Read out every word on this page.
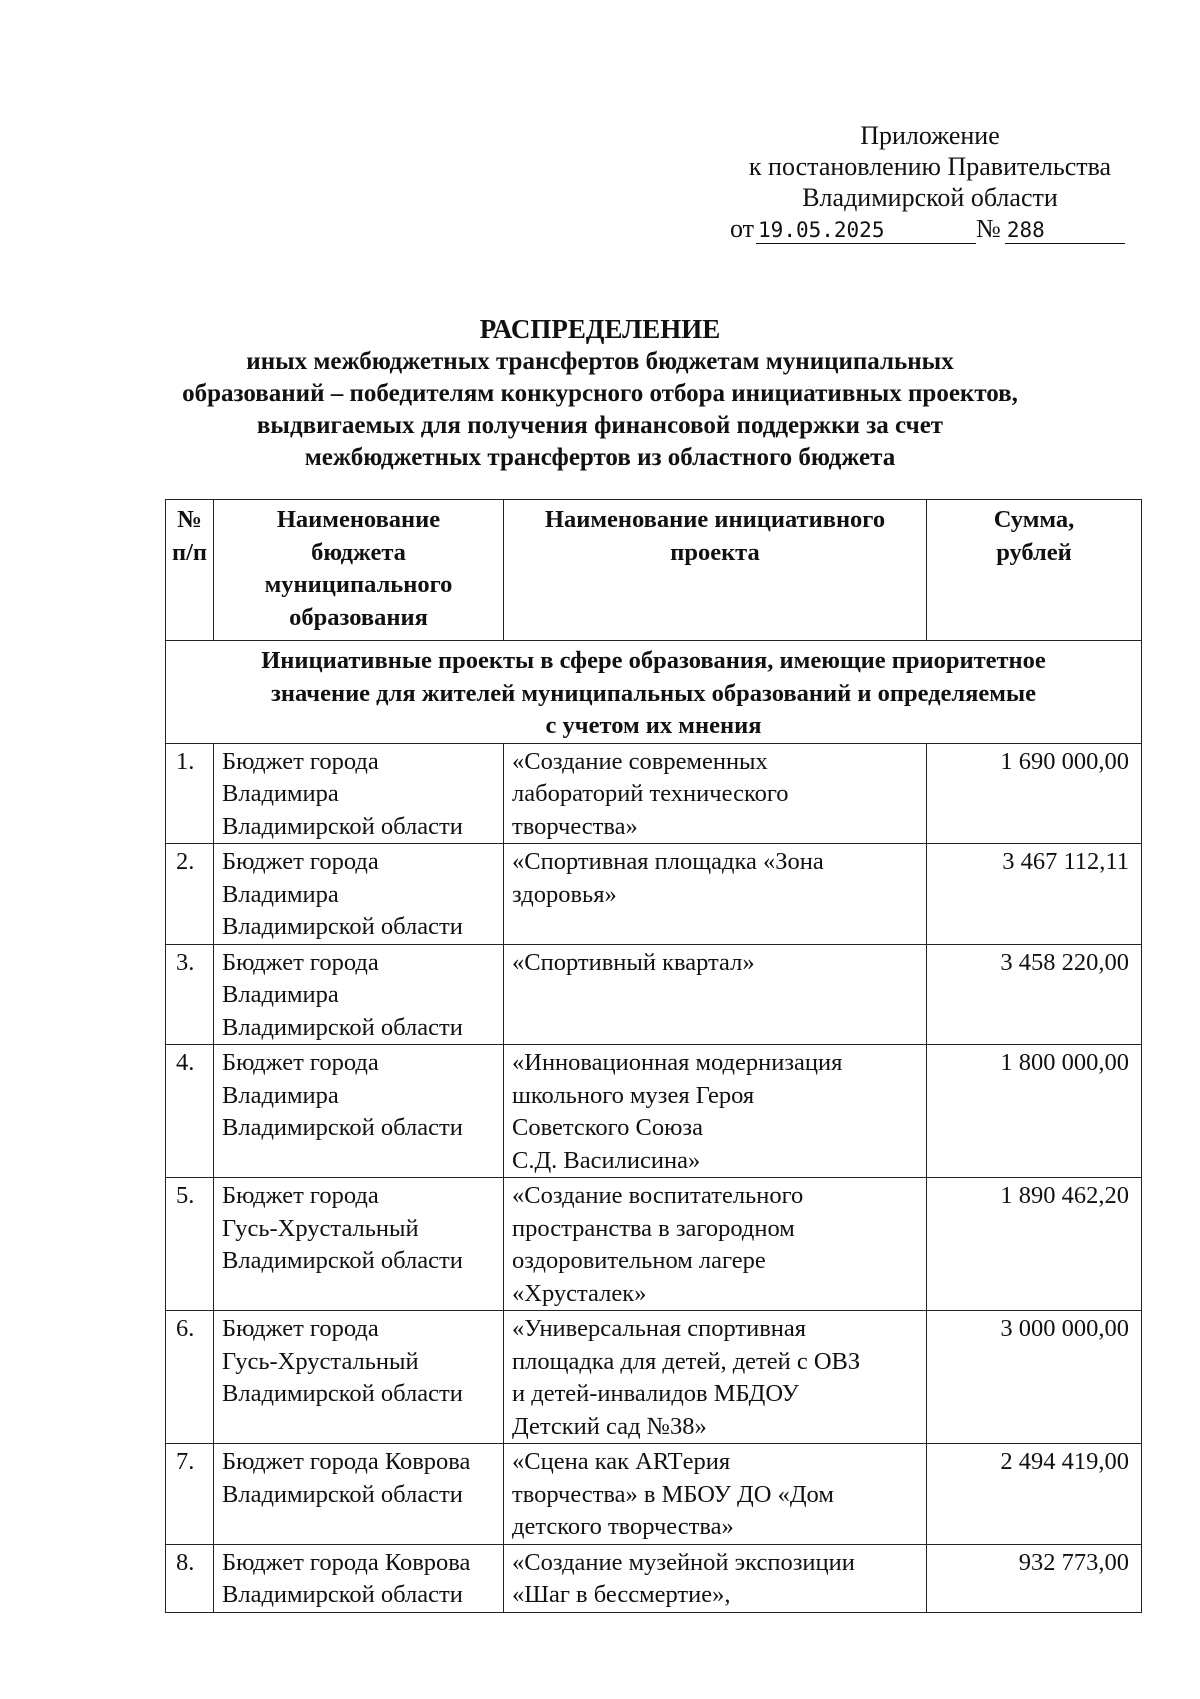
Приложение
к постановлению Правительства
Владимирской области
от 19.05.2025	№ 288
РАСПРЕДЕЛЕНИЕ
иных межбюджетных трансфертов бюджетам муниципальных
образований – победителям конкурсного отбора инициативных проектов,
выдвигаемых для получения финансовой поддержки за счет
межбюджетных трансфертов из областного бюджета
№
п/п	Наименование
бюджета
муниципального
образования	Наименование инициативного
проекта	Сумма,
рублей

Инициативные проекты в сфере образования, имеющие приоритетное
значение для жителей муниципальных образований и определяемые
с учетом их мнения			

1.	Бюджет города
Владимира
Владимирской области	«Создание современных
лабораторий технического
творчества»	1 690 000,00
2.	Бюджет города
Владимира
Владимирской области	«Спортивная площадка «Зона
здоровья»	3 467 112,11
3.	Бюджет города
Владимира
Владимирской области	«Спортивный квартал»	3 458 220,00
4.	Бюджет города
Владимира
Владимирской области	«Инновационная модернизация
школьного музея Героя
Советского Союза
С.Д. Василисина»	1 800 000,00
5.	Бюджет города
Гусь-Хрустальный
Владимирской области	«Создание воспитательного
пространства в загородном
оздоровительном лагере
«Хрусталек»	1 890 462,20
6.	Бюджет города
Гусь-Хрустальный
Владимирской области	«Универсальная спортивная
площадка для детей, детей с ОВЗ
и детей-инвалидов МБДОУ
Детский сад №38»	3 000 000,00
7.	Бюджет города Коврова
Владимирской области	«Сцена как ARTерия
творчества» в МБОУ ДО «Дом
детского творчества»	2 494 419,00
8.	Бюджет города Коврова
Владимирской области	«Создание музейной экспозиции
«Шаг в бессмертие»,	932 773,00
